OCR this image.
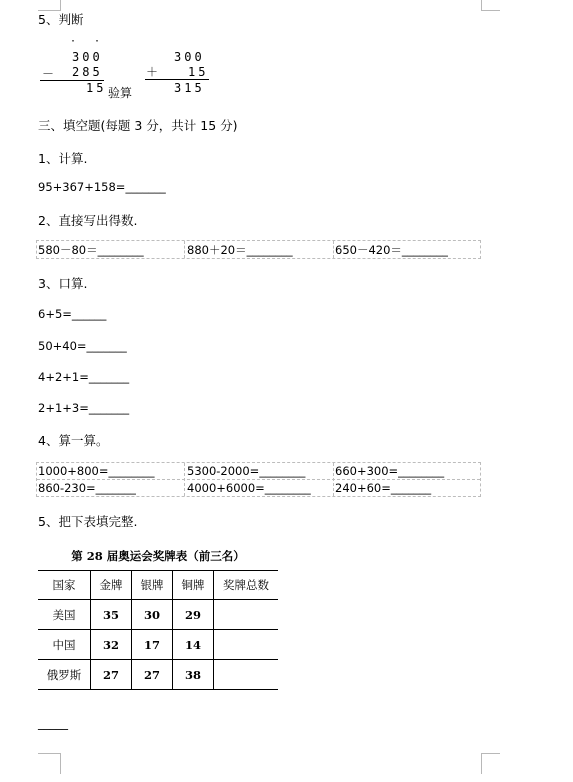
5、判断
· ·
300
－ 285
15 验算
300
＋ 15
315
三、填空题(每题 3 分，共计 15 分)
1、计算.
95+367+158=_______
2、直接写出得数.
580－80＝________	880＋20＝________	650－420＝________
3、口算.
6+5=______
50+40=_______
4+2+1=_______
2+1+3=_______
4、算一算。
1000+800=________	5300-2000=________	660+300=________
860-230=_______	4000+6000=________ 240+60=_______
5、把下表填完整.
第 28 届奥运会奖牌表（前三名）
国家	金牌	银牌	铜牌	奖牌总数
美国	35	30	29	
中国	32	17	14	
俄罗斯	27	27	38	
_____
